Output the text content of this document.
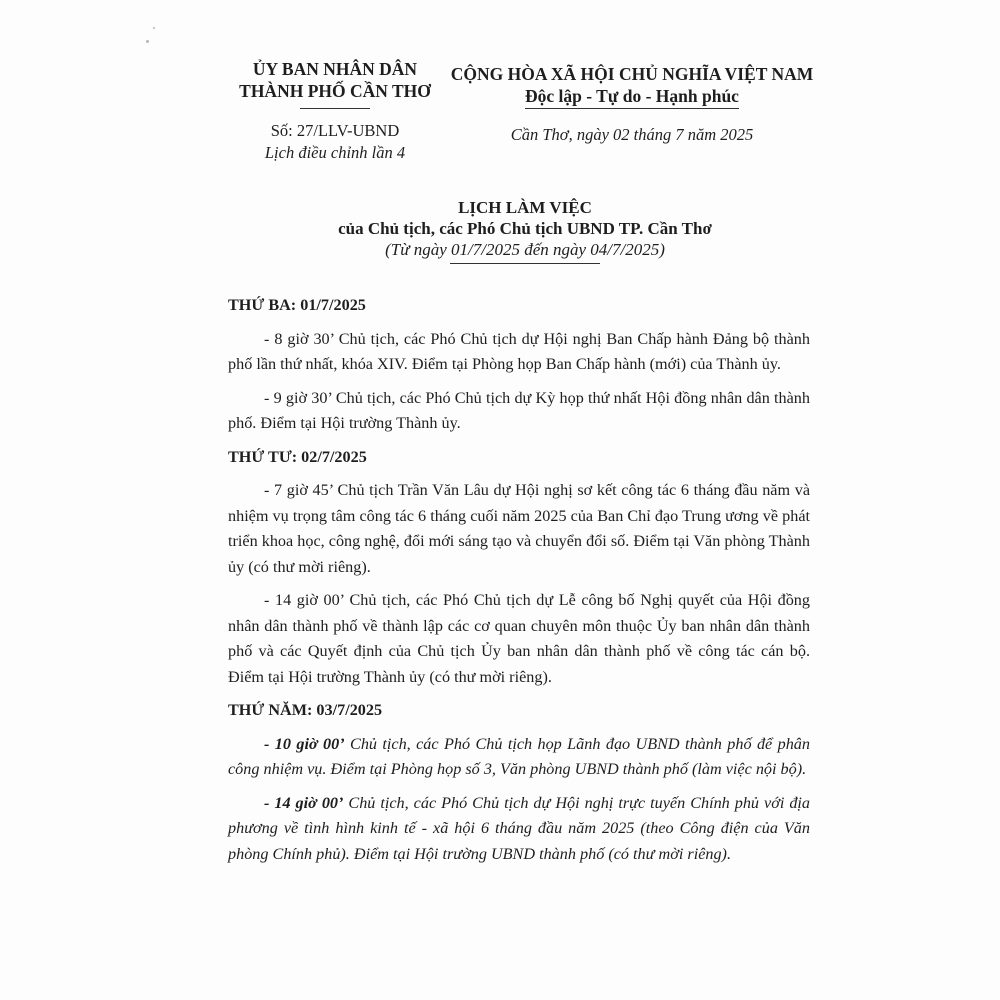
ỦY BAN NHÂN DÂN
THÀNH PHỐ CẦN THƠ
Số: 27/LLV-UBND
Lịch điều chỉnh lần 4
CỘNG HÒA XÃ HỘI CHỦ NGHĨA VIỆT NAM
Độc lập - Tự do - Hạnh phúc
Cần Thơ, ngày 02 tháng 7 năm 2025
LỊCH LÀM VIỆC
của Chủ tịch, các Phó Chủ tịch UBND TP. Cần Thơ
(Từ ngày 01/7/2025 đến ngày 04/7/2025)

THỨ BA: 01/7/2025

- 8 giờ 30’ Chủ tịch, các Phó Chủ tịch dự Hội nghị Ban Chấp hành Đảng bộ thành phố lần thứ nhất, khóa XIV. Điểm tại Phòng họp Ban Chấp hành (mới) của Thành ủy.

- 9 giờ 30’ Chủ tịch, các Phó Chủ tịch dự Kỳ họp thứ nhất Hội đồng nhân dân thành phố. Điểm tại Hội trường Thành ủy.

THỨ TƯ: 02/7/2025

- 7 giờ 45’ Chủ tịch Trần Văn Lâu dự Hội nghị sơ kết công tác 6 tháng đầu năm và nhiệm vụ trọng tâm công tác 6 tháng cuối năm 2025 của Ban Chỉ đạo Trung ương về phát triển khoa học, công nghệ, đổi mới sáng tạo và chuyển đổi số. Điểm tại Văn phòng Thành ủy (có thư mời riêng).

- 14 giờ 00’ Chủ tịch, các Phó Chủ tịch dự Lễ công bố Nghị quyết của Hội đồng nhân dân thành phố về thành lập các cơ quan chuyên môn thuộc Ủy ban nhân dân thành phố và các Quyết định của Chủ tịch Ủy ban nhân dân thành phố về công tác cán bộ. Điểm tại Hội trường Thành ủy (có thư mời riêng).

THỨ NĂM: 03/7/2025

- 10 giờ 00’ Chủ tịch, các Phó Chủ tịch họp Lãnh đạo UBND thành phố để phân công nhiệm vụ. Điểm tại Phòng họp số 3, Văn phòng UBND thành phố (làm việc nội bộ).

- 14 giờ 00’ Chủ tịch, các Phó Chủ tịch dự Hội nghị trực tuyến Chính phủ với địa phương về tình hình kinh tế - xã hội 6 tháng đầu năm 2025 (theo Công điện của Văn phòng Chính phủ). Điểm tại Hội trường UBND thành phố (có thư mời riêng).
